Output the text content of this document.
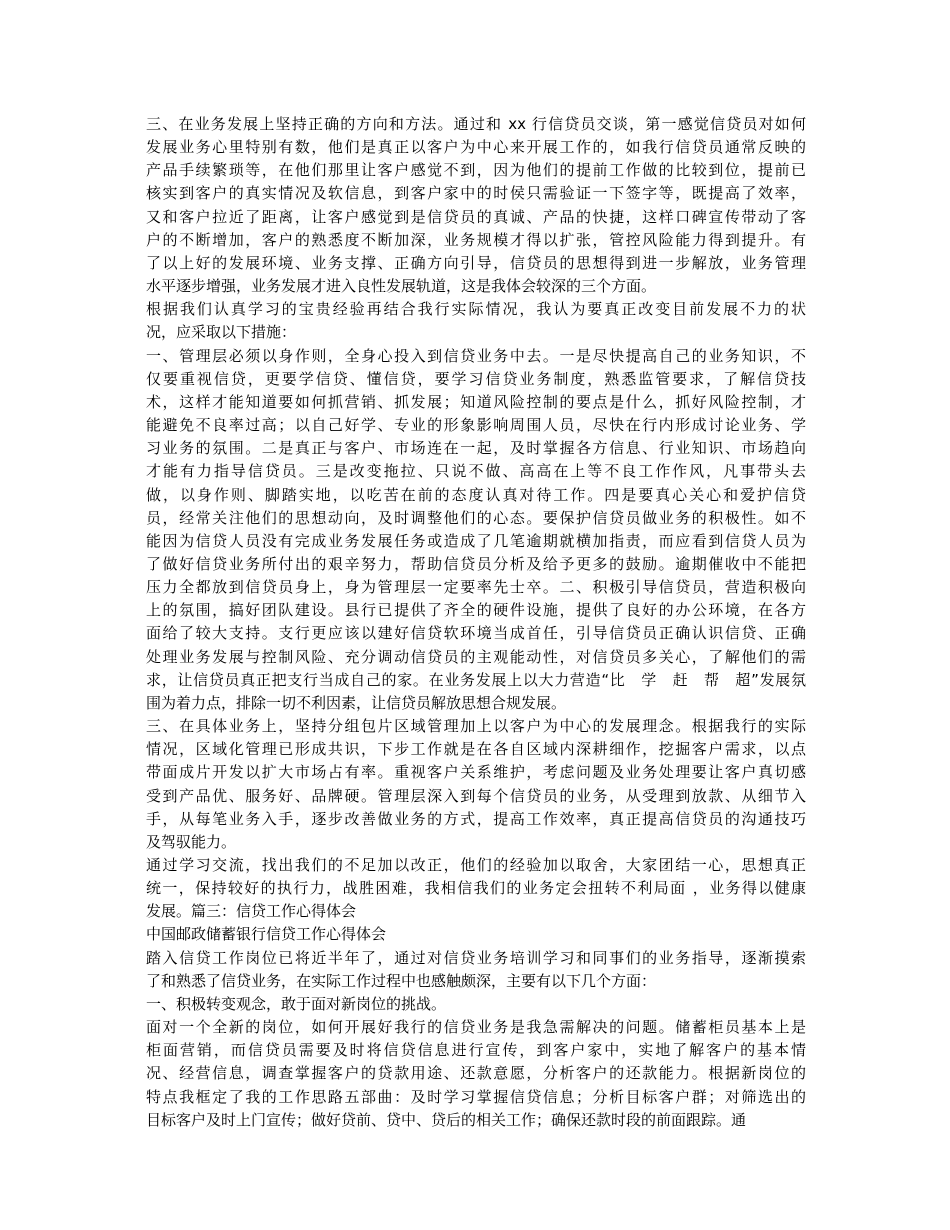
三、在业务发展上坚持正确的方向和方法。通过和 xx 行信贷员交谈，第一感觉信贷员对如何
发展业务心里特别有数，他们是真正以客户为中心来开展工作的，如我行信贷员通常反映的
产品手续繁琐等，在他们那里让客户感觉不到，因为他们的提前工作做的比较到位，提前已
核实到客户的真实情况及软信息，到客户家中的时侯只需验证一下签字等，既提高了效率，
又和客户拉近了距离，让客户感觉到是信贷员的真诚、产品的快捷，这样口碑宣传带动了客
户的不断增加，客户的熟悉度不断加深，业务规模才得以扩张，管控风险能力得到提升。有
了以上好的发展环境、业务支撑、正确方向引导，信贷员的思想得到进一步解放，业务管理
水平逐步增强，业务发展才进入良性发展轨道，这是我体会较深的三个方面。
根据我们认真学习的宝贵经验再结合我行实际情况，我认为要真正改变目前发展不力的状
况，应采取以下措施：
一、管理层必须以身作则，全身心投入到信贷业务中去。一是尽快提高自己的业务知识，不
仅要重视信贷，更要学信贷、懂信贷，要学习信贷业务制度，熟悉监管要求，了解信贷技
术，这样才能知道要如何抓营销、抓发展；知道风险控制的要点是什么，抓好风险控制，才
能避免不良率过高；以自己好学、专业的形象影响周围人员，尽快在行内形成讨论业务、学
习业务的氛围。二是真正与客户、市场连在一起，及时掌握各方信息、行业知识、市场趋向
才能有力指导信贷员。三是改变拖拉、只说不做、高高在上等不良工作作风，凡事带头去
做，以身作则、脚踏实地，以吃苦在前的态度认真对待工作。四是要真心关心和爱护信贷
员，经常关注他们的思想动向，及时调整他们的心态。要保护信贷员做业务的积极性。如不
能因为信贷人员没有完成业务发展任务或造成了几笔逾期就横加指责，而应看到信贷人员为
了做好信贷业务所付出的艰辛努力，帮助信贷员分析及给予更多的鼓励。逾期催收中不能把
压力全都放到信贷员身上，身为管理层一定要率先士卒。二、积极引导信贷员，营造积极向
上的氛围，搞好团队建设。县行已提供了齐全的硬件设施，提供了良好的办公环境，在各方
面给了较大支持。支行更应该以建好信贷软环境当成首任，引导信贷员正确认识信贷、正确
处理业务发展与控制风险、充分调动信贷员的主观能动性，对信贷员多关心，了解他们的需
求，让信贷员真正把支行当成自己的家。在业务发展上以大力营造“比　学　赶　帮　超”发展氛
围为着力点，排除一切不利因素，让信贷员解放思想合规发展。
三、在具体业务上，坚持分组包片区域管理加上以客户为中心的发展理念。根据我行的实际
情况，区域化管理已形成共识，下步工作就是在各自区域内深耕细作，挖掘客户需求，以点
带面成片开发以扩大市场占有率。重视客户关系维护，考虑问题及业务处理要让客户真切感
受到产品优、服务好、品牌硬。管理层深入到每个信贷员的业务，从受理到放款、从细节入
手，从每笔业务入手，逐步改善做业务的方式，提高工作效率，真正提高信贷员的沟通技巧
及驾驭能力。
通过学习交流，找出我们的不足加以改正，他们的经验加以取舍，大家团结一心，思想真正
统一，保持较好的执行力，战胜困难，我相信我们的业务定会扭转不利局面 ，业务得以健康
发展。篇三：信贷工作心得体会
中国邮政储蓄银行信贷工作心得体会
踏入信贷工作岗位已将近半年了，通过对信贷业务培训学习和同事们的业务指导，逐渐摸索
了和熟悉了信贷业务，在实际工作过程中也感触颇深，主要有以下几个方面：
一、积极转变观念，敢于面对新岗位的挑战。
面对一个全新的岗位，如何开展好我行的信贷业务是我急需解决的问题。储蓄柜员基本上是
柜面营销，而信贷员需要及时将信贷信息进行宣传，到客户家中，实地了解客户的基本情
况、经营信息，调查掌握客户的贷款用途、还款意愿，分析客户的还款能力。根据新岗位的
特点我框定了我的工作思路五部曲：及时学习掌握信贷信息；分析目标客户群；对筛选出的
目标客户及时上门宣传；做好贷前、贷中、贷后的相关工作；确保还款时段的前面跟踪。通
